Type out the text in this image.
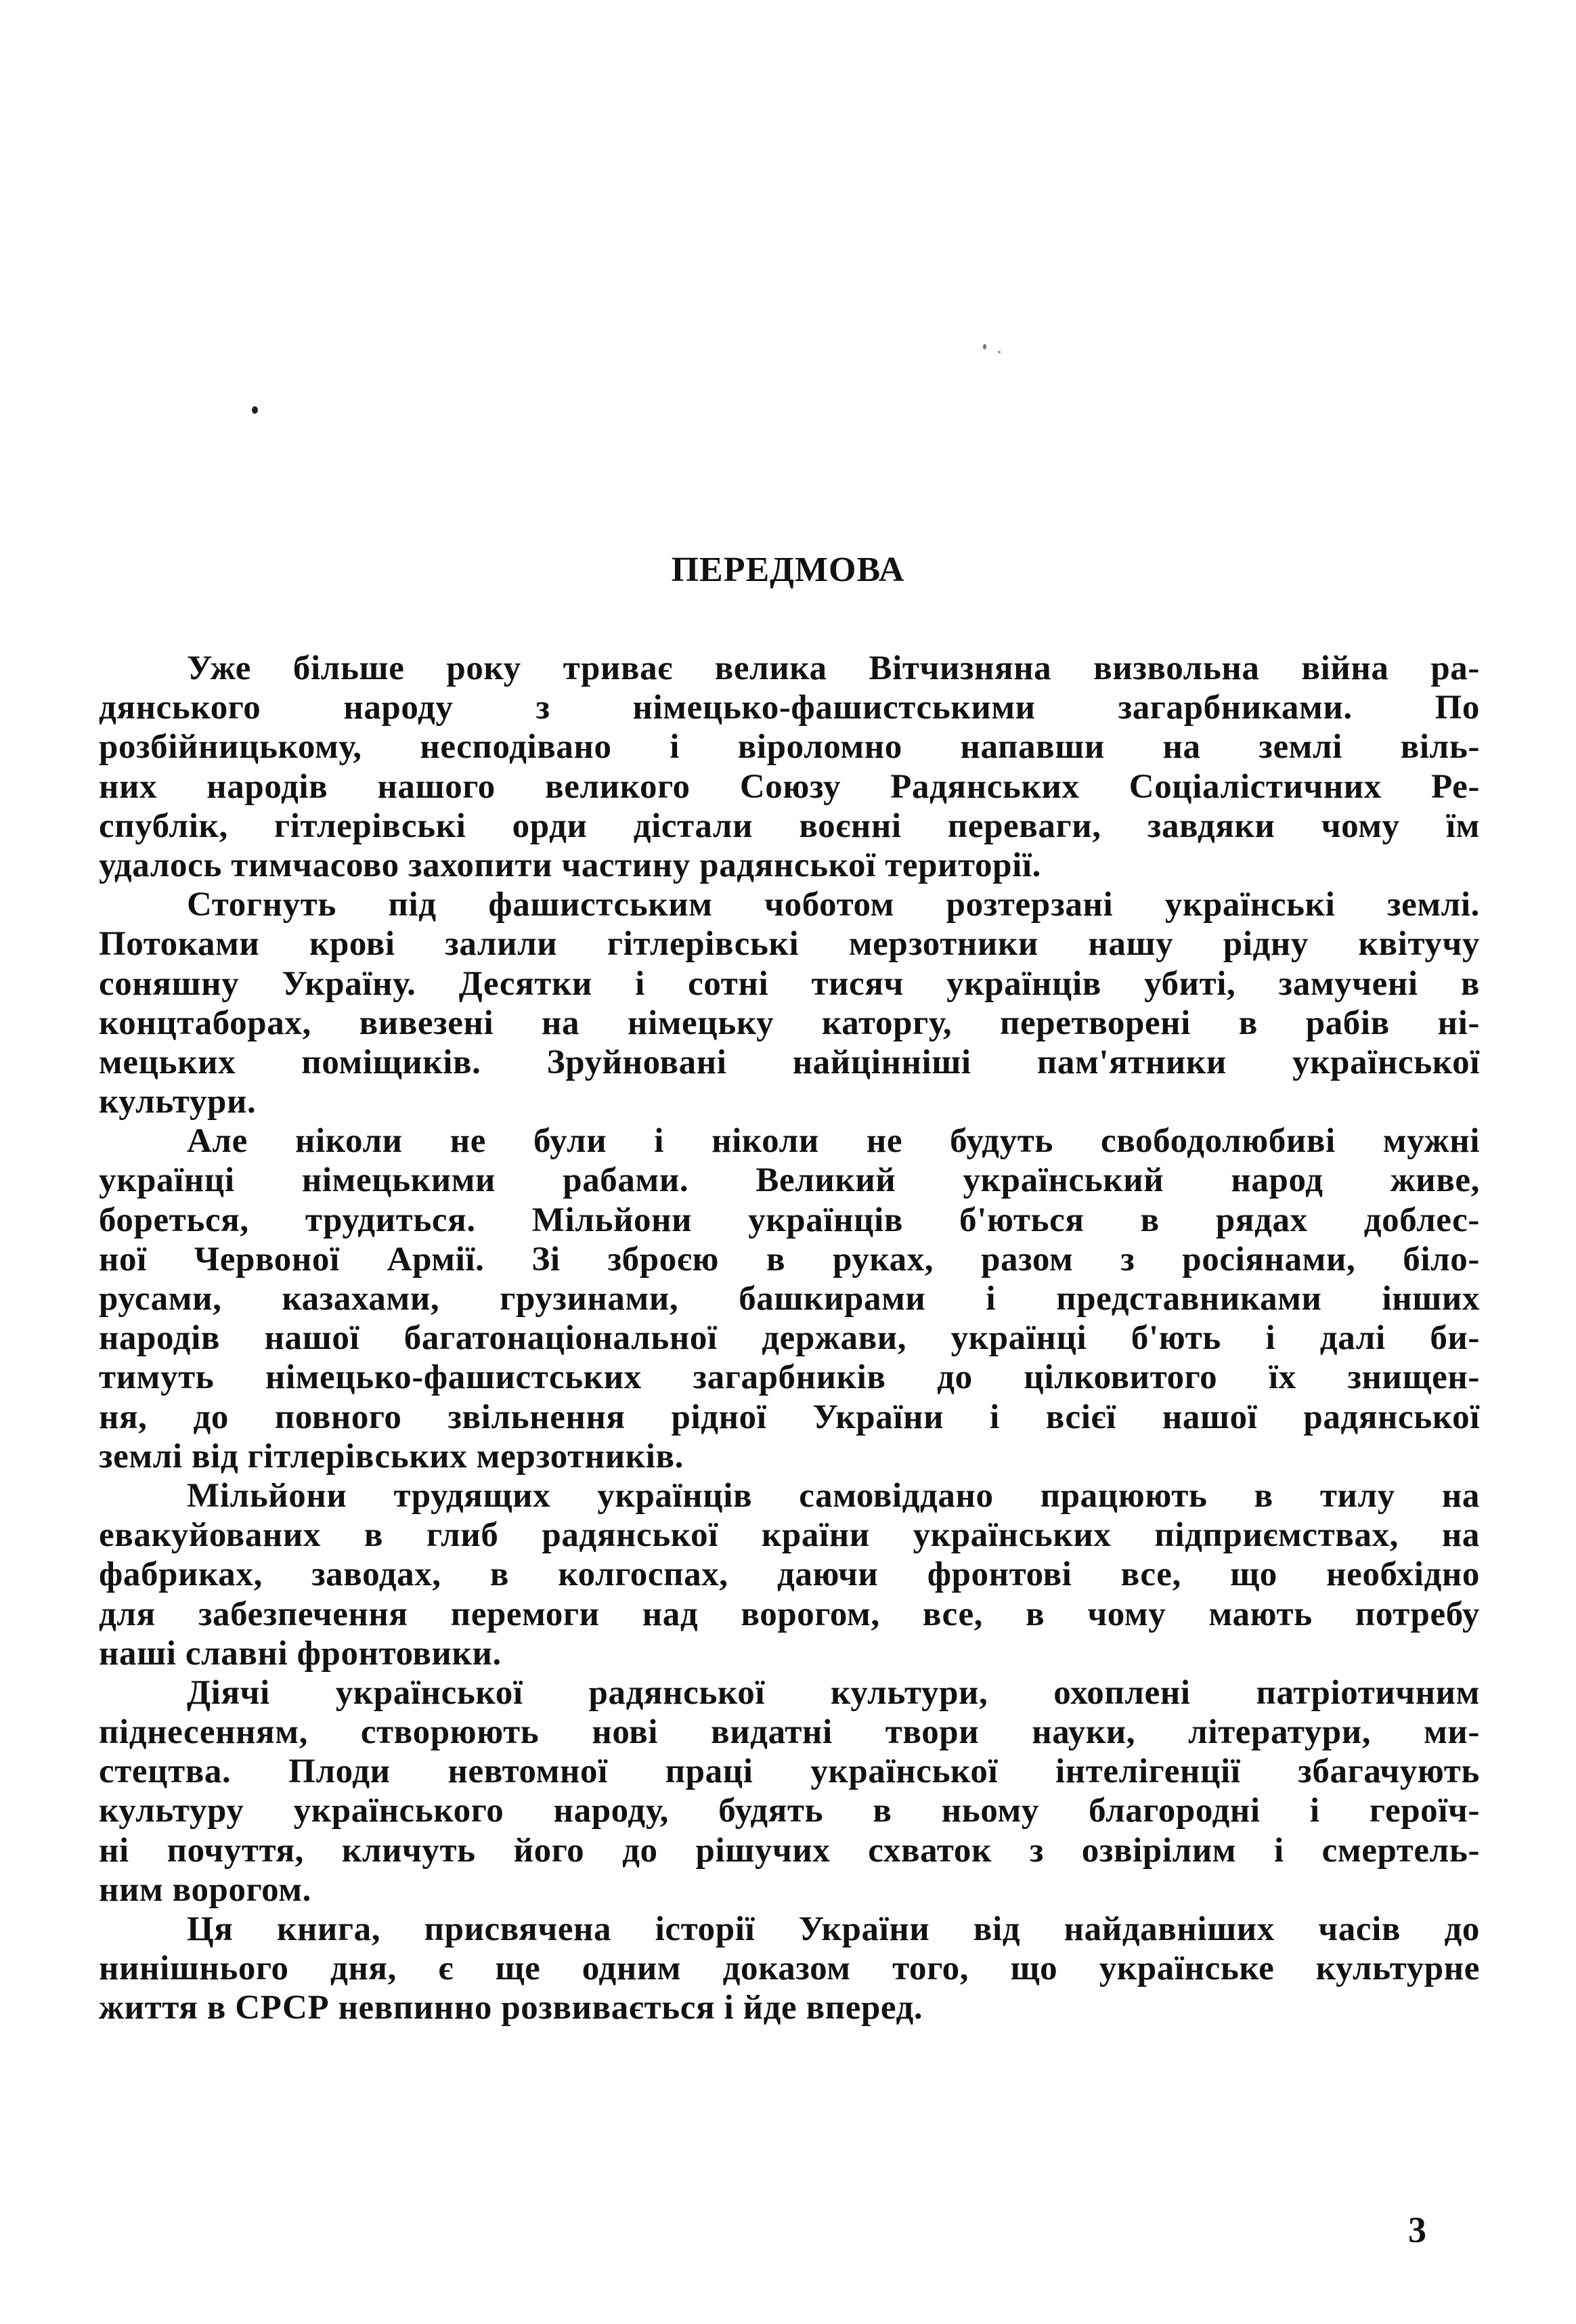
ПЕРЕДМОВА
Уже більше року триває велика Вітчизняна визвольна війна ра-
дянського народу з німецько-фашистськими загарбниками. По
розбійницькому, несподівано і віроломно напавши на землі віль-
них народів нашого великого Союзу Радянських Соціалістичних Ре-
спублік, гітлерівські орди дістали воєнні переваги, завдяки чому їм
удалось тимчасово захопити частину радянської території.
Стогнуть під фашистським чоботом розтерзані українські землі.
Потоками крові залили гітлерівські мерзотники нашу рідну квітучу
соняшну Україну. Десятки і сотні тисяч українців убиті, замучені в
концтаборах, вивезені на німецьку каторгу, перетворені в рабів ні-
мецьких поміщиків. Зруйновані найцінніші пам'ятники української
культури.
Але ніколи не були і ніколи не будуть свободолюбиві мужні
українці німецькими рабами. Великий український народ живе,
бореться, трудиться. Мільйони українців б'ються в рядах доблес-
ної Червоної Армії. Зі зброєю в руках, разом з росіянами, біло-
русами, казахами, грузинами, башкирами і представниками інших
народів нашої багатонаціональної держави, українці б'ють і далі би-
тимуть німецько-фашистських загарбників до цілковитого їх знищен-
ня, до повного звільнення рідної України і всієї нашої радянської
землі від гітлерівських мерзотників.
Мільйони трудящих українців самовіддано працюють в тилу на
евакуйованих в глиб радянської країни українських підприємствах, на
фабриках, заводах, в колгоспах, даючи фронтові все, що необхідно
для забезпечення перемоги над ворогом, все, в чому мають потребу
наші славні фронтовики.
Діячі української радянської культури, охоплені патріотичним
піднесенням, створюють нові видатні твори науки, літератури, ми-
стецтва. Плоди невтомної праці української інтелігенції збагачують
культуру українського народу, будять в ньому благородні і героїч-
ні почуття, кличуть його до рішучих схваток з озвірілим і смертель-
ним ворогом.
Ця книга, присвячена історії України від найдавніших часів до
нинішнього дня, є ще одним доказом того, що українське культурне
життя в СРСР невпинно розвивається і йде вперед.
3
